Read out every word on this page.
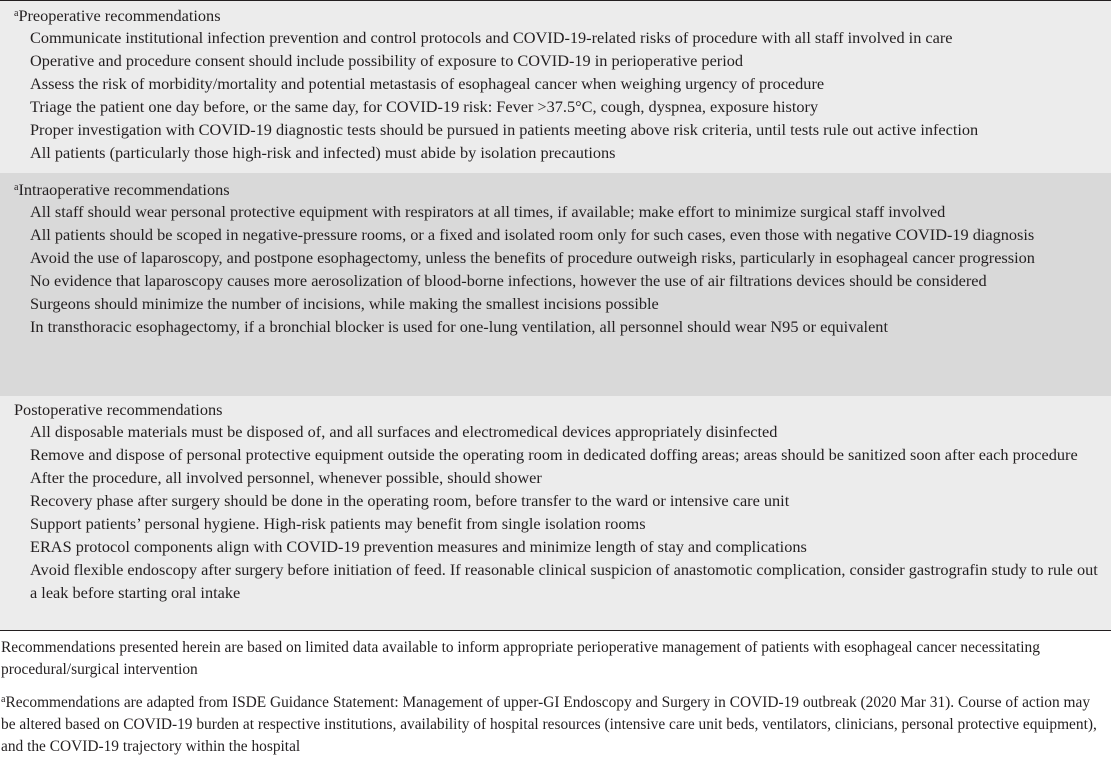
$^a$Preoperative recommendations
Communicate institutional infection prevention and control protocols and COVID-19-related risks of procedure with all staff involved in care
Operative and procedure consent should include possibility of exposure to COVID-19 in perioperative period
Assess the risk of morbidity/mortality and potential metastasis of esophageal cancer when weighing urgency of procedure
Triage the patient one day before, or the same day, for COVID-19 risk: Fever >37.5°C, cough, dyspnea, exposure history
Proper investigation with COVID-19 diagnostic tests should be pursued in patients meeting above risk criteria, until tests rule out active infection
All patients (particularly those high-risk and infected) must abide by isolation precautions
$^a$Intraoperative recommendations
All staff should wear personal protective equipment with respirators at all times, if available; make effort to minimize surgical staff involved
All patients should be scoped in negative-pressure rooms, or a fixed and isolated room only for such cases, even those with negative COVID-19 diagnosis
Avoid the use of laparoscopy, and postpone esophagectomy, unless the benefits of procedure outweigh risks, particularly in esophageal cancer progression
No evidence that laparoscopy causes more aerosolization of blood-borne infections, however the use of air filtrations devices should be considered
Surgeons should minimize the number of incisions, while making the smallest incisions possible
In transthoracic esophagectomy, if a bronchial blocker is used for one-lung ventilation, all personnel should wear N95 or equivalent
Postoperative recommendations
All disposable materials must be disposed of, and all surfaces and electromedical devices appropriately disinfected
Remove and dispose of personal protective equipment outside the operating room in dedicated doffing areas; areas should be sanitized soon after each procedure
After the procedure, all involved personnel, whenever possible, should shower
Recovery phase after surgery should be done in the operating room, before transfer to the ward or intensive care unit
Support patients’ personal hygiene. High-risk patients may benefit from single isolation rooms
ERAS protocol components align with COVID-19 prevention measures and minimize length of stay and complications
Avoid flexible endoscopy after surgery before initiation of feed. If reasonable clinical suspicion of anastomotic complication, consider gastrografin study to rule out a leak before starting oral intake
Recommendations presented herein are based on limited data available to inform appropriate perioperative management of patients with esophageal cancer necessitating procedural/surgical intervention
$^a$Recommendations are adapted from ISDE Guidance Statement: Management of upper-GI Endoscopy and Surgery in COVID-19 outbreak (2020 Mar 31). Course of action may be altered based on COVID-19 burden at respective institutions, availability of hospital resources (intensive care unit beds, ventilators, clinicians, personal protective equipment), and the COVID-19 trajectory within the hospital
